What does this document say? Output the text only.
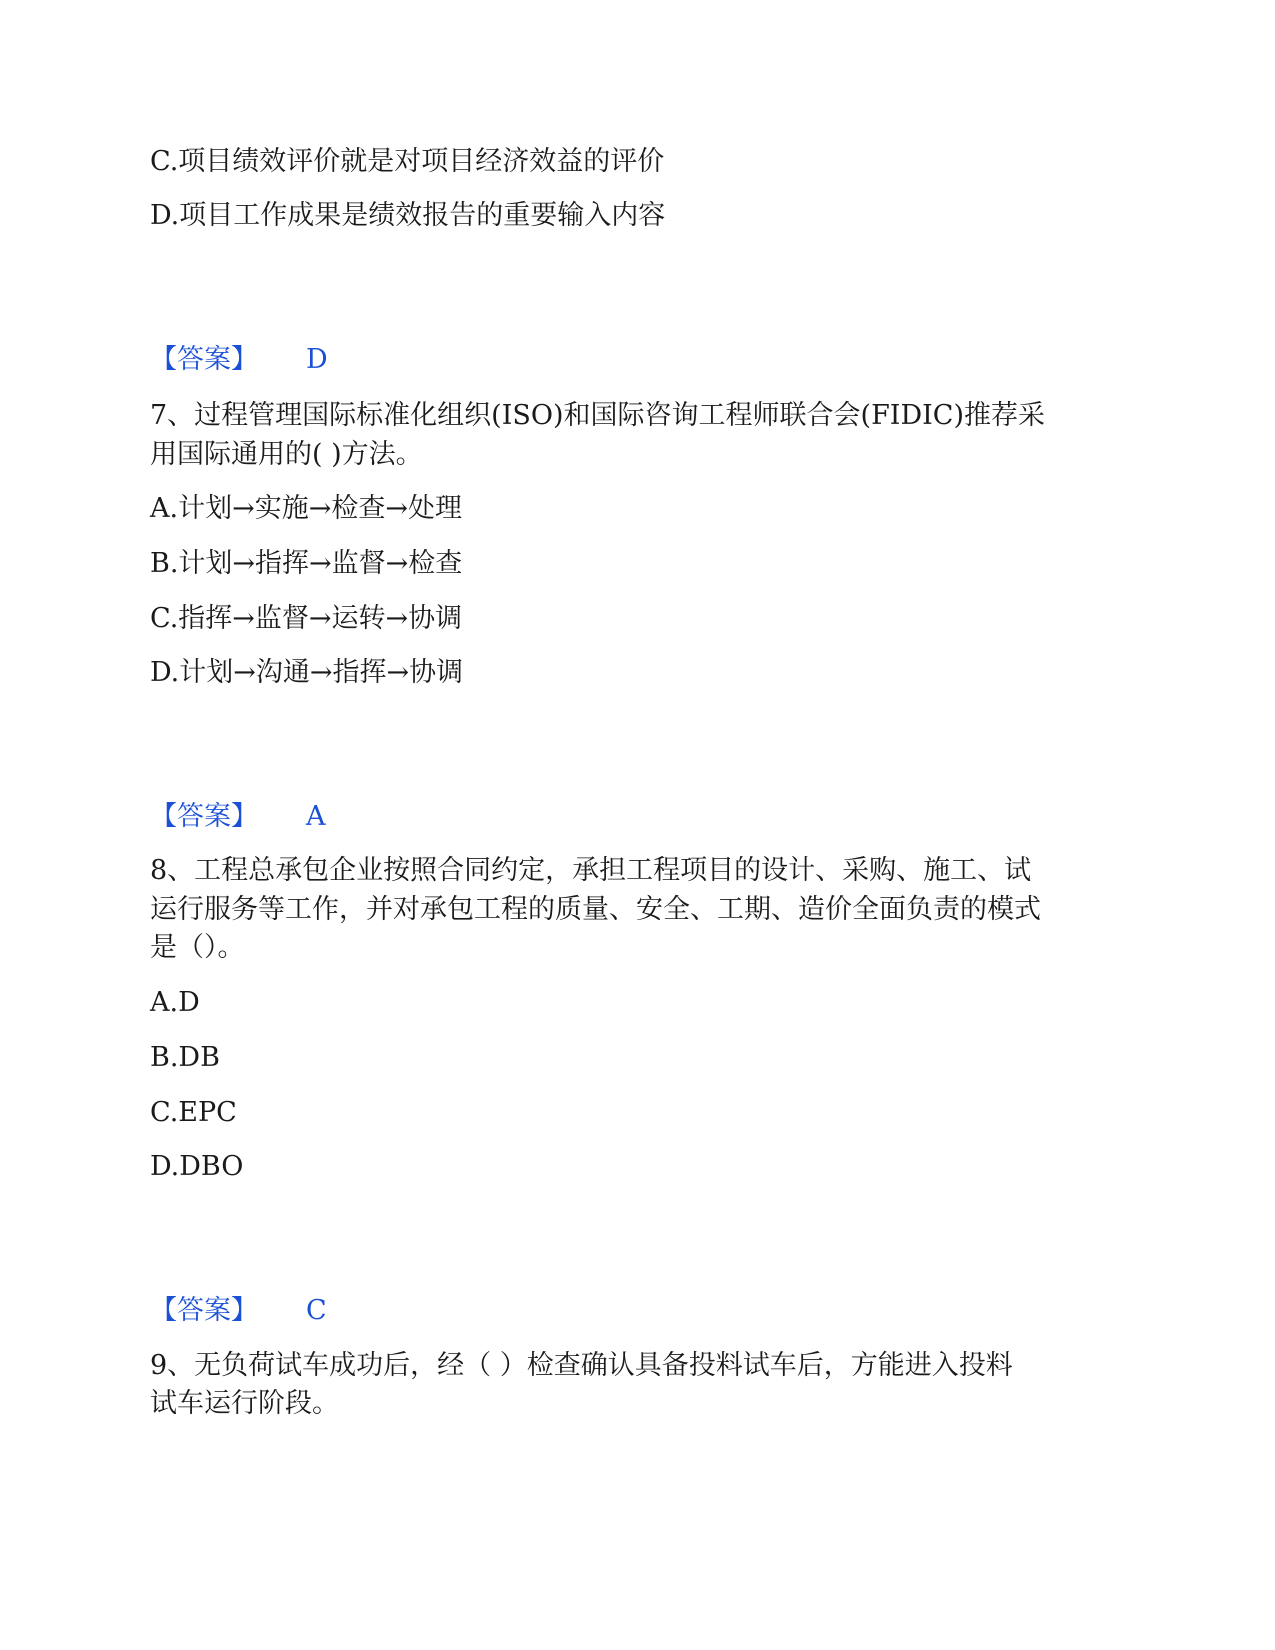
C.项目绩效评价就是对项目经济效益的评价
D.项目工作成果是绩效报告的重要输入内容
【答案】 D
7、过程管理国际标准化组织(ISO)和国际咨询工程师联合会(FIDIC)推荐采
用国际通用的( )方法。
A.计划→实施→检查→处理
B.计划→指挥→监督→检查
C.指挥→监督→运转→协调
D.计划→沟通→指挥→协调
【答案】 A
8、工程总承包企业按照合同约定，承担工程项目的设计、采购、施工、试
运行服务等工作，并对承包工程的质量、安全、工期、造价全面负责的模式
是（）。
A.D
B.DB
C.EPC
D.DBO
【答案】 C
9、无负荷试车成功后，经（ ）检查确认具备投料试车后，方能进入投料
试车运行阶段。
